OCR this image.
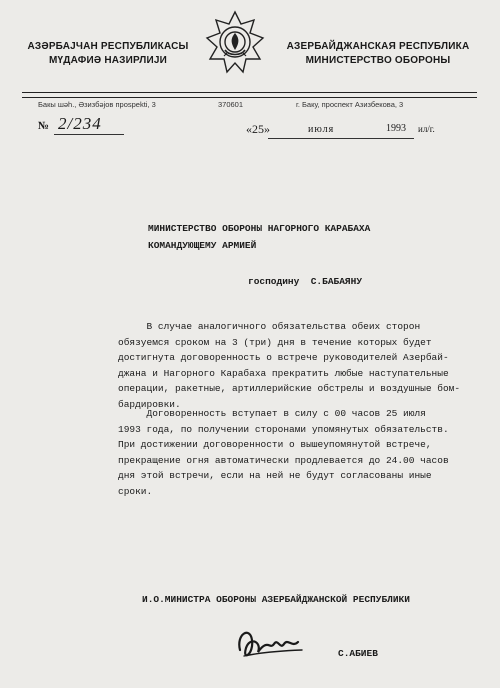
АЗƏРБАЈЧАН РЕСПУБЛИКАСЫ
МҮДАФИӘ НАЗИРЛИЈИ
АЗЕРБАЙДЖАНСКАЯ РЕСПУБЛИКА
МИНИСТЕРСТВО ОБОРОНЫ
Бакы шәһ., Әзизбәјов прospekti, 3	370601	г. Баку, проспект Азизбекова, 3
№ 2/234	«25»	июля	1993 ил/г.
МИНИСТЕРСТВО ОБОРОНЫ НАГОРНОГО КАРАБАХА
КОМАНДУЮЩЕМУ АРМИЕЙ
господину  С.БАБАЯНУ
В случае аналогичного обязательства обеих сторон
обязуемся сроком на 3 (три) дня в течение которых будет
достигнута договоренность о встрече руководителей Азербай-
джана и Нагорного Карабаха прекратить любые наступательные
операции, ракетные, артиллерийские обстрелы и воздушные бом-
бардировки.
Договоренность вступает в силу с 00 часов 25 июля
1993 года, по получении сторонами упомянутых обязательств.
При достижении договоренности о вышеупомянутой встрече,
прекращение огня автоматически продлевается до 24.00 часов
дня этой встречи, если на ней не будут согласованы иные
сроки.
И.О.МИНИСТРА ОБОРОНЫ АЗЕРБАЙДЖАНСКОЙ РЕСПУБЛИКИ
С.АБИЕВ
